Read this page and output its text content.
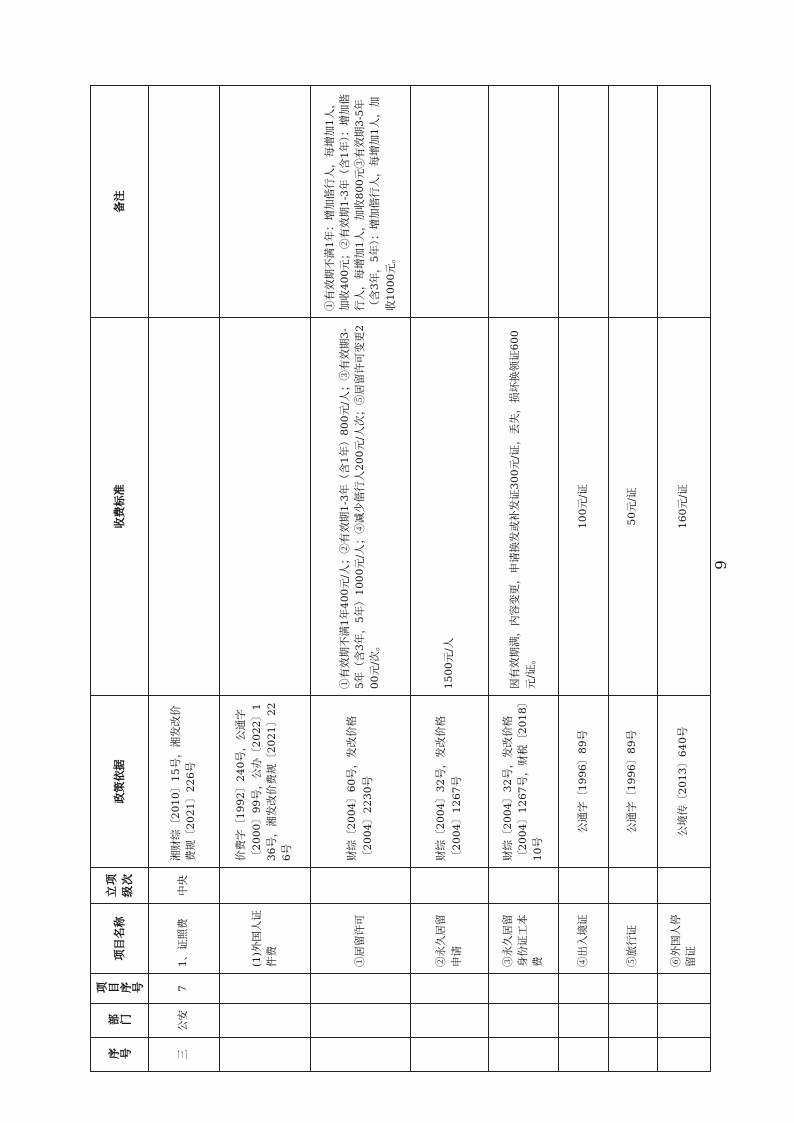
序号	部门	项目序号	项目名称	立项级次	政策依据	收费标准	备注
三	公安	7	1、证照费	中央	湘财综〔2010〕15号，湘发改价费规〔2021〕226号		
			(1)外国人证件费		价费字〔1992〕240号，公通字〔2000〕99号，公办〔2022〕136号，湘发改价费规〔2021〕226号		
			①居留许可		财综〔2004〕60号，发改价格〔2004〕2230号	①有效期不满1年400元/人；②有效期1-3年（含1年）800元/人；③有效期3-5年（含3年，5年）1000元/人；④减少偕行人200元/人次；⑤居留许可变更200元/次。	①有效期不满1年：增加偕行人，每增加1人，加收400元；②有效期1-3年（含1年）：增加偕行人，每增加1人，加收800元③有效期3-5年（含3年，5年）：增加偕行人，每增加1人，加收1000元。
			②永久居留申请		财综〔2004〕32号，发改价格〔2004〕1267号	1500元/人	
			③永久居留身份证工本费		财综〔2004〕32号，发改价格〔2004〕1267号，财税〔2018〕10号	因有效期满，内容变更，申请换发或补发证300元/证，丢失，损坏换领证600元/证。	
			④出入境证		公通字〔1996〕89号	100元/证	
			⑤旅行证		公通字〔1996〕89号	50元/证	
			⑥外国人停留证		公境传〔2013〕640号	160元/证	
9
